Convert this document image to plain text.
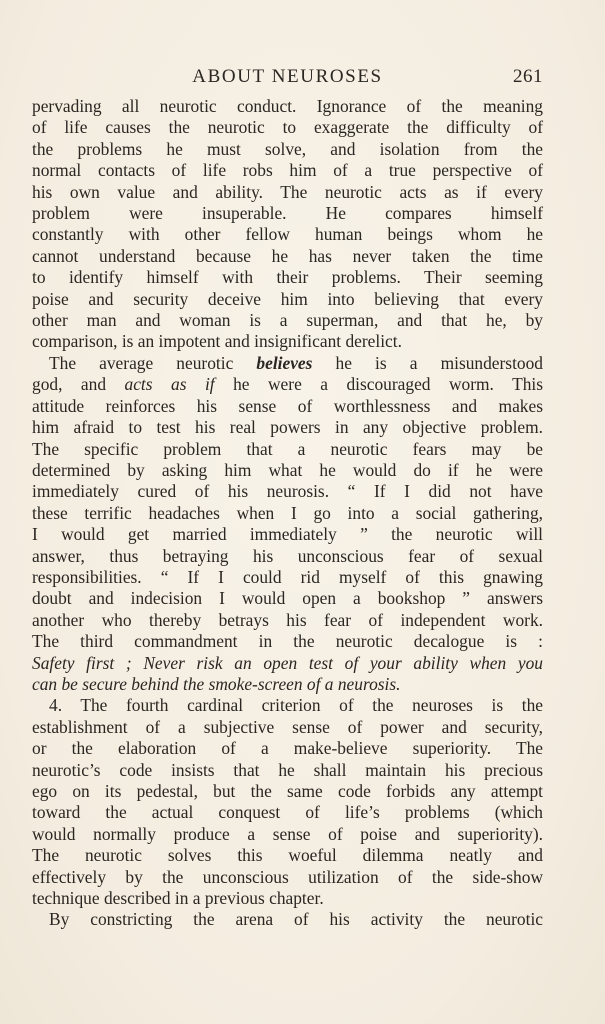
ABOUT NEUROSES	261

pervading all neurotic conduct. Ignorance of the meaning
of life causes the neurotic to exaggerate the difficulty of
the problems he must solve, and isolation from the
normal contacts of life robs him of a true perspective of
his own value and ability. The neurotic acts as if every
problem were insuperable. He compares himself
constantly with other fellow human beings whom he
cannot understand because he has never taken the time
to identify himself with their problems. Their seeming
poise and security deceive him into believing that every
other man and woman is a superman, and that he, by

comparison, is an impotent and insignificant derelict.

The average neurotic believes he is a misunderstood
god, and acts as if he were a discouraged worm. This
attitude reinforces his sense of worthlessness and makes
him afraid to test his real powers in any objective problem.
The specific problem that a neurotic fears may be
determined by asking him what he would do if he were
immediately cured of his neurosis. “ If I did not have
these terrific headaches when I go into a social gathering,
I would get married immediately ” the neurotic will
answer, thus betraying his unconscious fear of sexual
responsibilities. “ If I could rid myself of this gnawing
doubt and indecision I would open a bookshop ” answers
another who thereby betrays his fear of independent work.
The third commandment in the neurotic decalogue is :
Safety first ; Never risk an open test of your ability when you

can be secure behind the smoke-screen of a neurosis.

4. The fourth cardinal criterion of the neuroses is the
establishment of a subjective sense of power and security,
or the elaboration of a make-believe superiority. The
neurotic’s code insists that he shall maintain his precious
ego on its pedestal, but the same code forbids any attempt
toward the actual conquest of life’s problems (which
would normally produce a sense of poise and superiority).
The neurotic solves this woeful dilemma neatly and
effectively by the unconscious utilization of the side-show

technique described in a previous chapter.

By constricting the arena of his activity the neurotic
